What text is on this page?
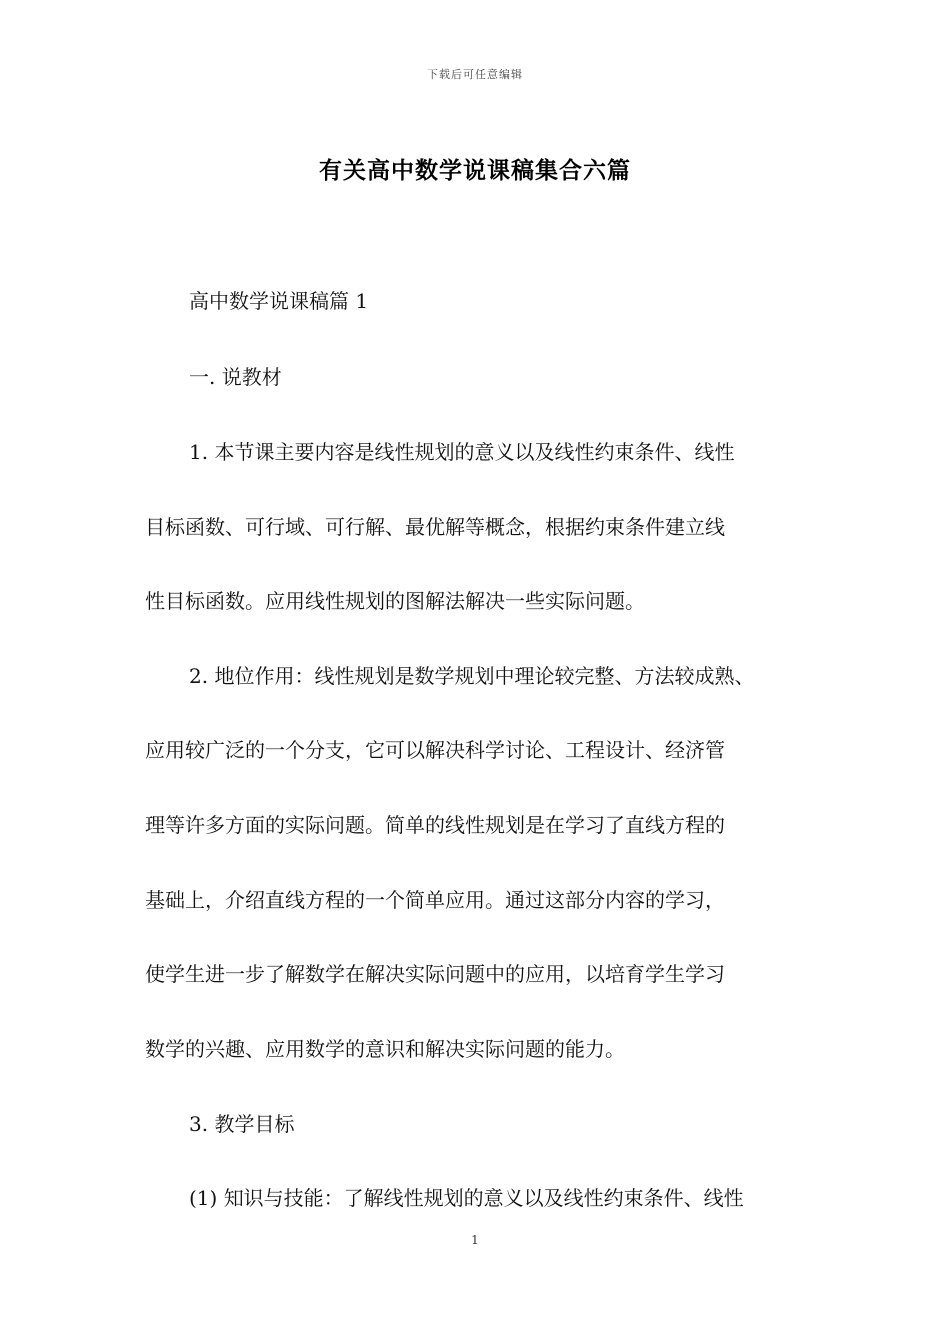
下载后可任意编辑
有关高中数学说课稿集合六篇
高中数学说课稿篇 1
一. 说教材
1. 本节课主要内容是线性规划的意义以及线性约束条件、线性
目标函数、可行域、可行解、最优解等概念，根据约束条件建立线
性目标函数。应用线性规划的图解法解决一些实际问题。
2. 地位作用：线性规划是数学规划中理论较完整、方法较成熟、
应用较广泛的一个分支，它可以解决科学讨论、工程设计、经济管
理等许多方面的实际问题。简单的线性规划是在学习了直线方程的
基础上，介绍直线方程的一个简单应用。通过这部分内容的学习，
使学生进一步了解数学在解决实际问题中的应用，以培育学生学习
数学的兴趣、应用数学的意识和解决实际问题的能力。
3. 教学目标
(1) 知识与技能：了解线性规划的意义以及线性约束条件、线性
1
